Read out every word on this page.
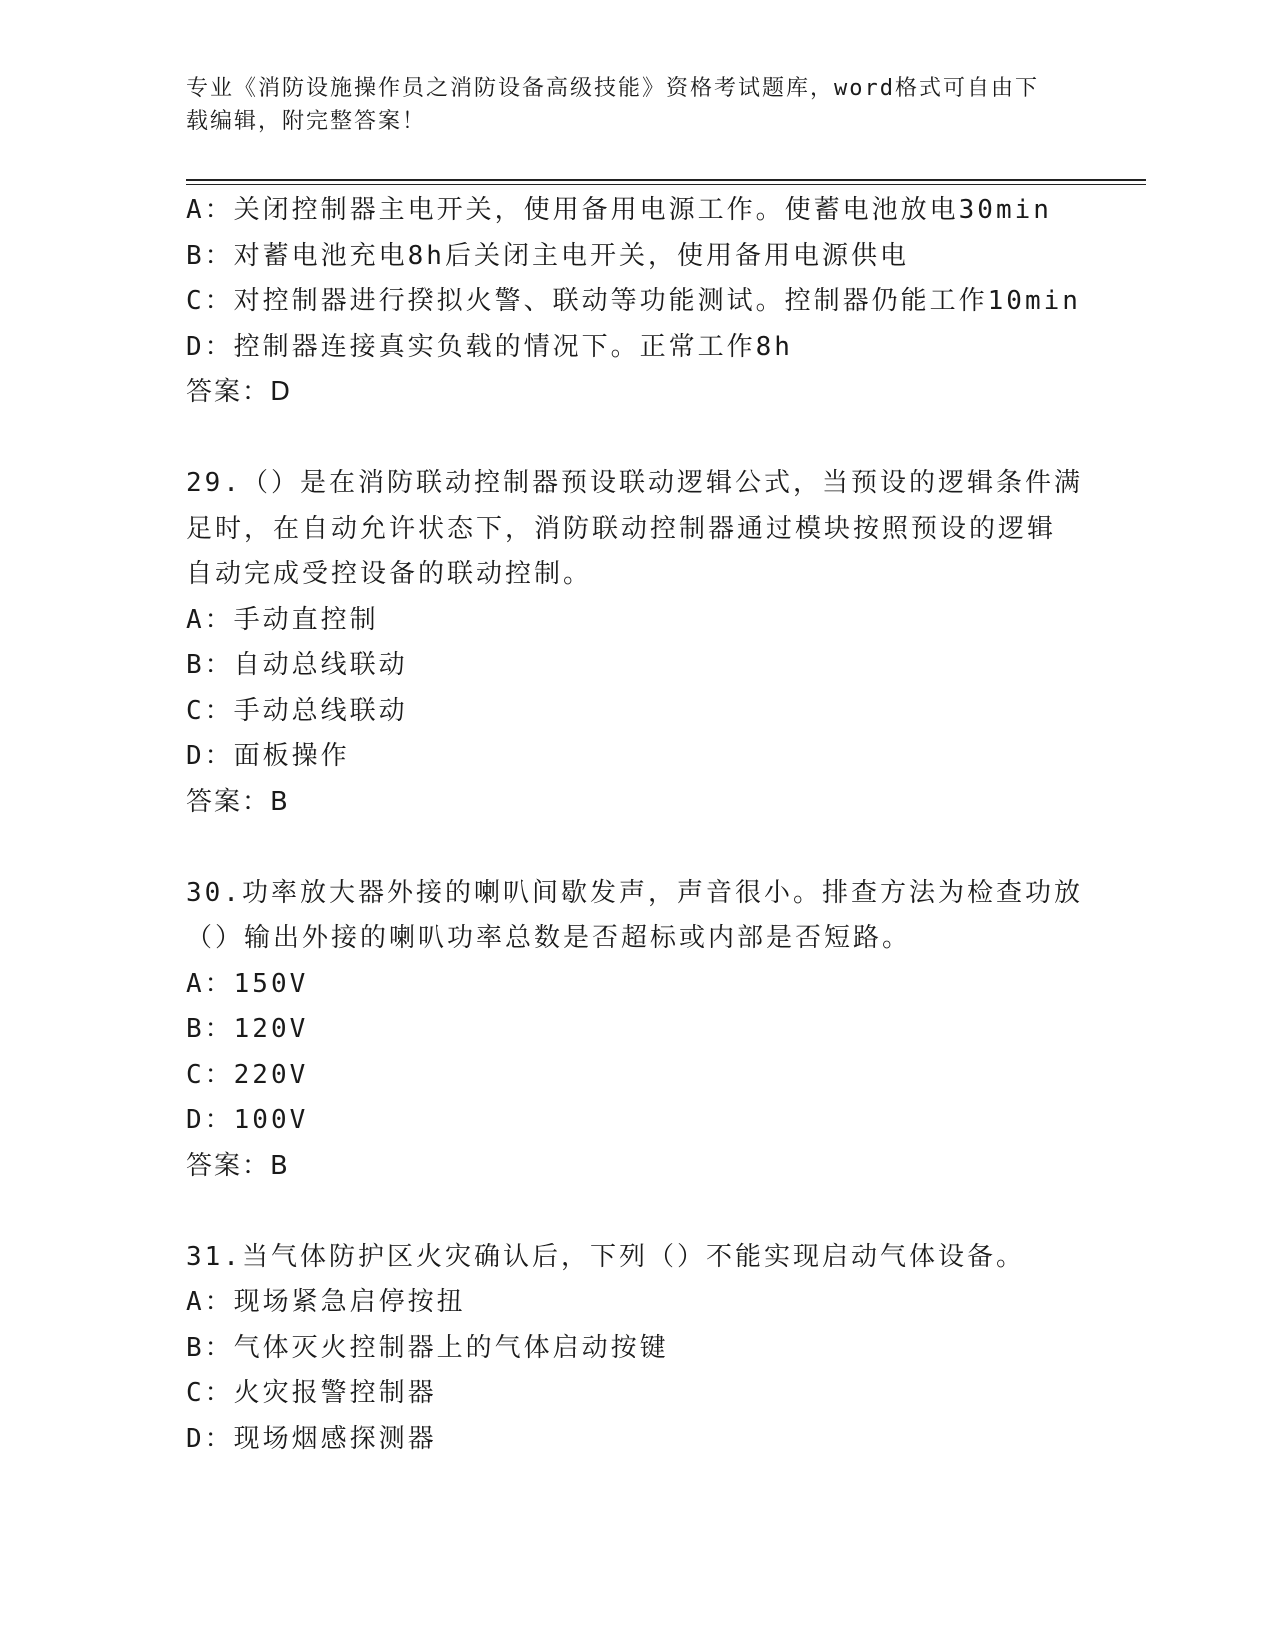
专业《消防设施操作员之消防设备高级技能》资格考试题库，word格式可自由下
载编辑，附完整答案！
A：关闭控制器主电开关，使用备用电源工作。使蓄电池放电30min
B：对蓄电池充电8h后关闭主电开关，使用备用电源供电
C：对控制器进行揆拟火警、联动等功能测试。控制器仍能工作10min
D：控制器连接真实负载的情况下。正常工作8h
答案：D
29.（）是在消防联动控制器预设联动逻辑公式，当预设的逻辑条件满
足时，在自动允许状态下，消防联动控制器通过模块按照预设的逻辑
自动完成受控设备的联动控制。
A：手动直控制
B：自动总线联动
C：手动总线联动
D：面板操作
答案：B
30.功率放大器外接的喇叭间歇发声，声音很小。排查方法为检查功放
（）输出外接的喇叭功率总数是否超标或内部是否短路。
A：150V
B：120V
C：220V
D：100V
答案：B
31.当气体防护区火灾确认后，下列（）不能实现启动气体设备。
A：现场紧急启停按扭
B：气体灭火控制器上的气体启动按键
C：火灾报警控制器
D：现场烟感探测器
